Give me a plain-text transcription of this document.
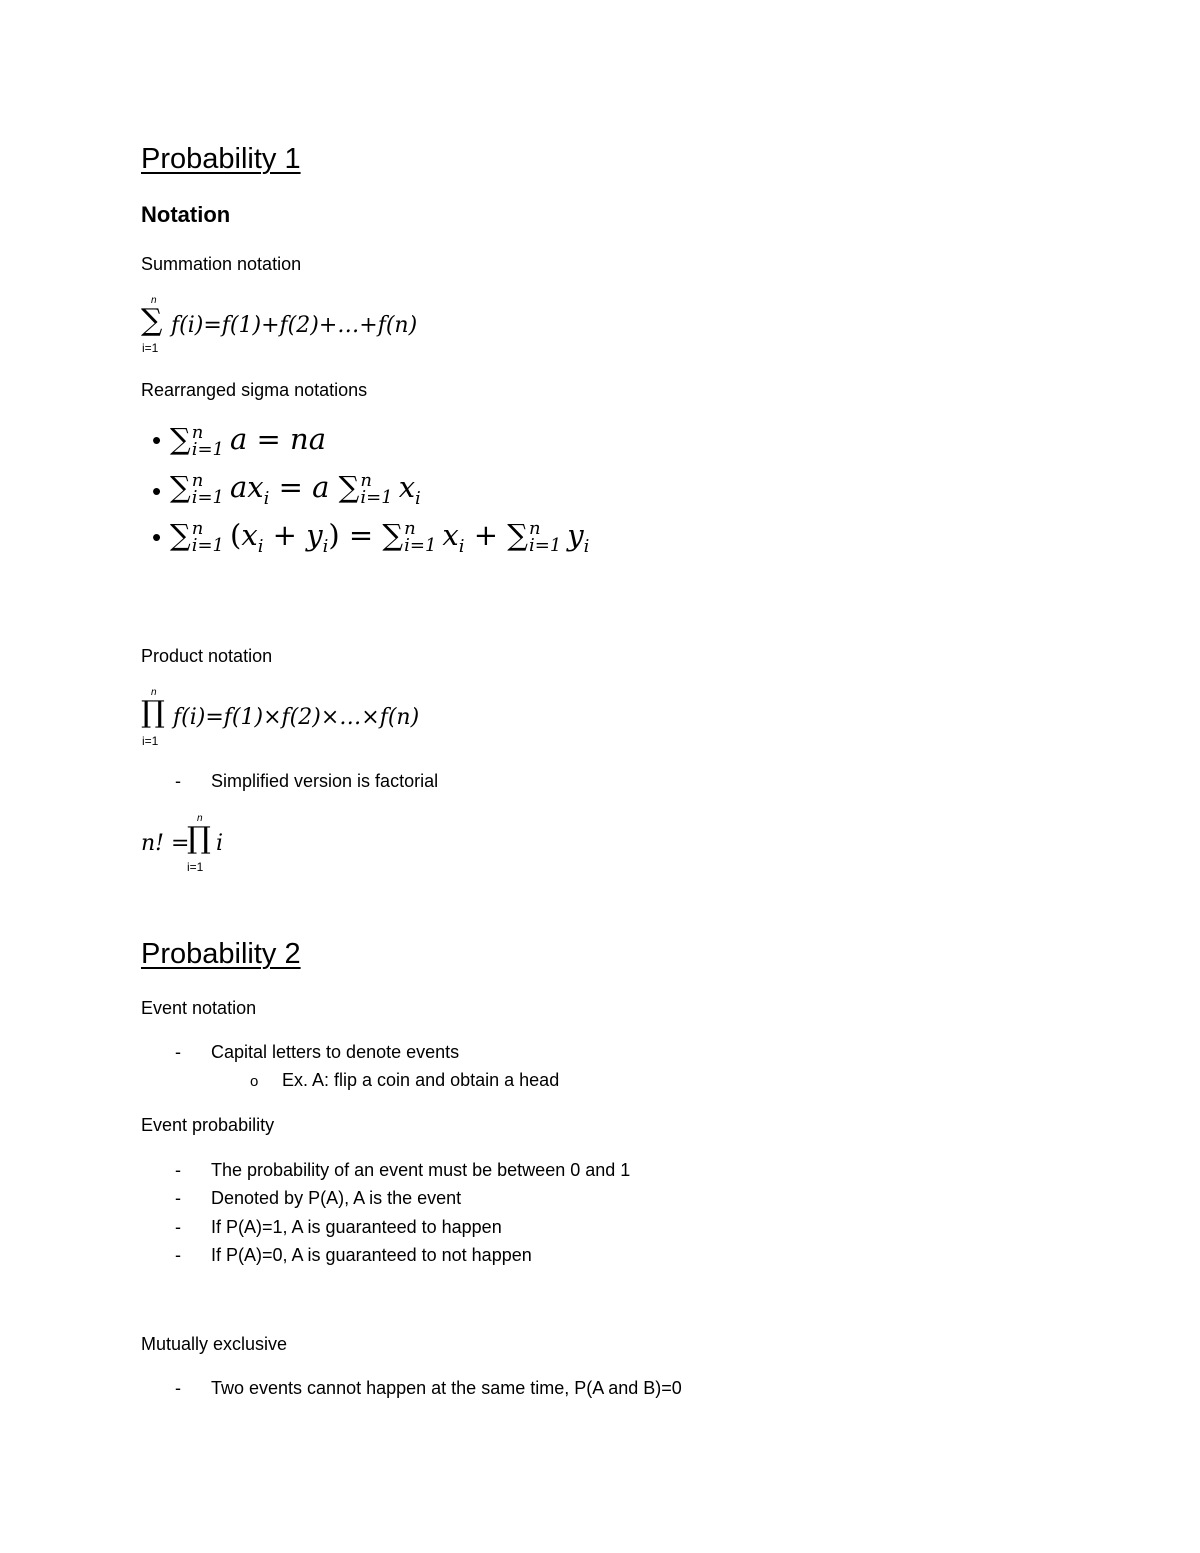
Probability 1
Notation
Summation notation
n
∑
i=1
f(i)=f(1)+f(2)+…+f(n)
Rearranged sigma notations
•
•
•
∑ n
i=1 a = na
∑ n
i=1 $ax_i = a$ ∑ n
i=1 $x_i$
∑ n
i=1 $(x_i + y_i)$ = ∑ n
i=1 $x_i$ + ∑ n
i=1 $y_i$
Product notation
n
∏
i=1
f(i)=f(1)×f(2)×…×f(n)
- Simplified version is factorial
n! =
n
∏
i=1
i
Probability 2
Event notation
- Capital letters to denote events
o Ex. A: flip a coin and obtain a head
Event probability
- The probability of an event must be between 0 and 1
- Denoted by P(A), A is the event
- If P(A)=1, A is guaranteed to happen
- If P(A)=0, A is guaranteed to not happen
Mutually exclusive
- Two events cannot happen at the same time, P(A and B)=0
